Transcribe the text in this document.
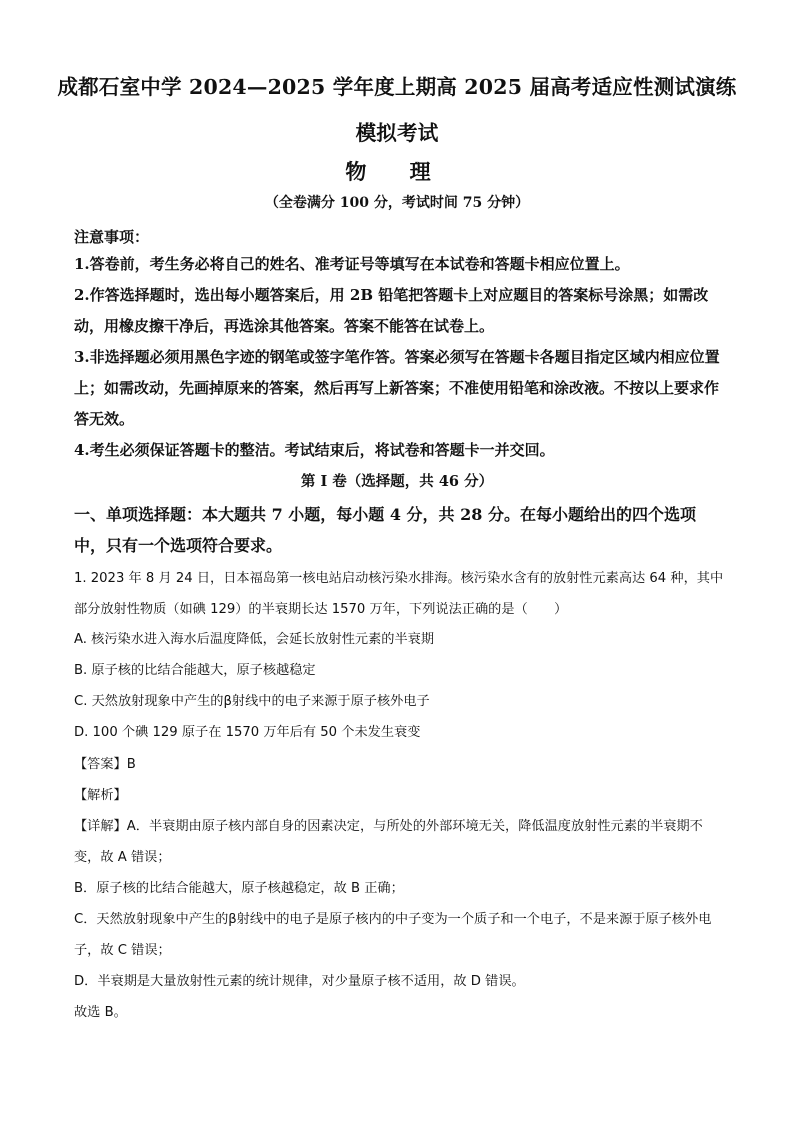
成都石室中学 2024—2025 学年度上期高 2025 届高考适应性测试演练
模拟考试
物 理
（全卷满分 100 分，考试时间 75 分钟）
注意事项：

1.答卷前，考生务必将自己的姓名、准考证号等填写在本试卷和答题卡相应位置上。

2.作答选择题时，选出每小题答案后，用 2B 铅笔把答题卡上对应题目的答案标号涂黑；如需改动，用橡皮擦干净后，再选涂其他答案。答案不能答在试卷上。

3.非选择题必须用黑色字迹的钢笔或签字笔作答。答案必须写在答题卡各题目指定区域内相应位置上；如需改动，先画掉原来的答案，然后再写上新答案；不准使用铅笔和涂改液。不按以上要求作答无效。

4.考生必须保证答题卡的整洁。考试结束后，将试卷和答题卡一并交回。

第 I 卷（选择题，共 46 分）
一、单项选择题：本大题共 7 小题，每小题 4 分，共 28 分。在每小题给出的四个选项中，只有一个选项符合要求。
1. 2023 年 8 月 24 日，日本福岛第一核电站启动核污染水排海。核污染水含有的放射性元素高达 64 种，其中部分放射性物质（如碘 129）的半衰期长达 1570 万年，下列说法正确的是（　　）

A. 核污染水进入海水后温度降低，会延长放射性元素的半衰期

B. 原子核的比结合能越大，原子核越稳定

C. 天然放射现象中产生的β射线中的电子来源于原子核外电子

D. 100 个碘 129 原子在 1570 万年后有 50 个未发生衰变

【答案】B
【解析】

【详解】A．半衰期由原子核内部自身的因素决定，与所处的外部环境无关，降低温度放射性元素的半衰期不变，故 A 错误；

B．原子核的比结合能越大，原子核越稳定，故 B 正确；

C．天然放射现象中产生的β射线中的电子是原子核内的中子变为一个质子和一个电子，不是来源于原子核外电子，故 C 错误；

D．半衰期是大量放射性元素的统计规律，对少量原子核不适用，故 D 错误。

故选 B。
